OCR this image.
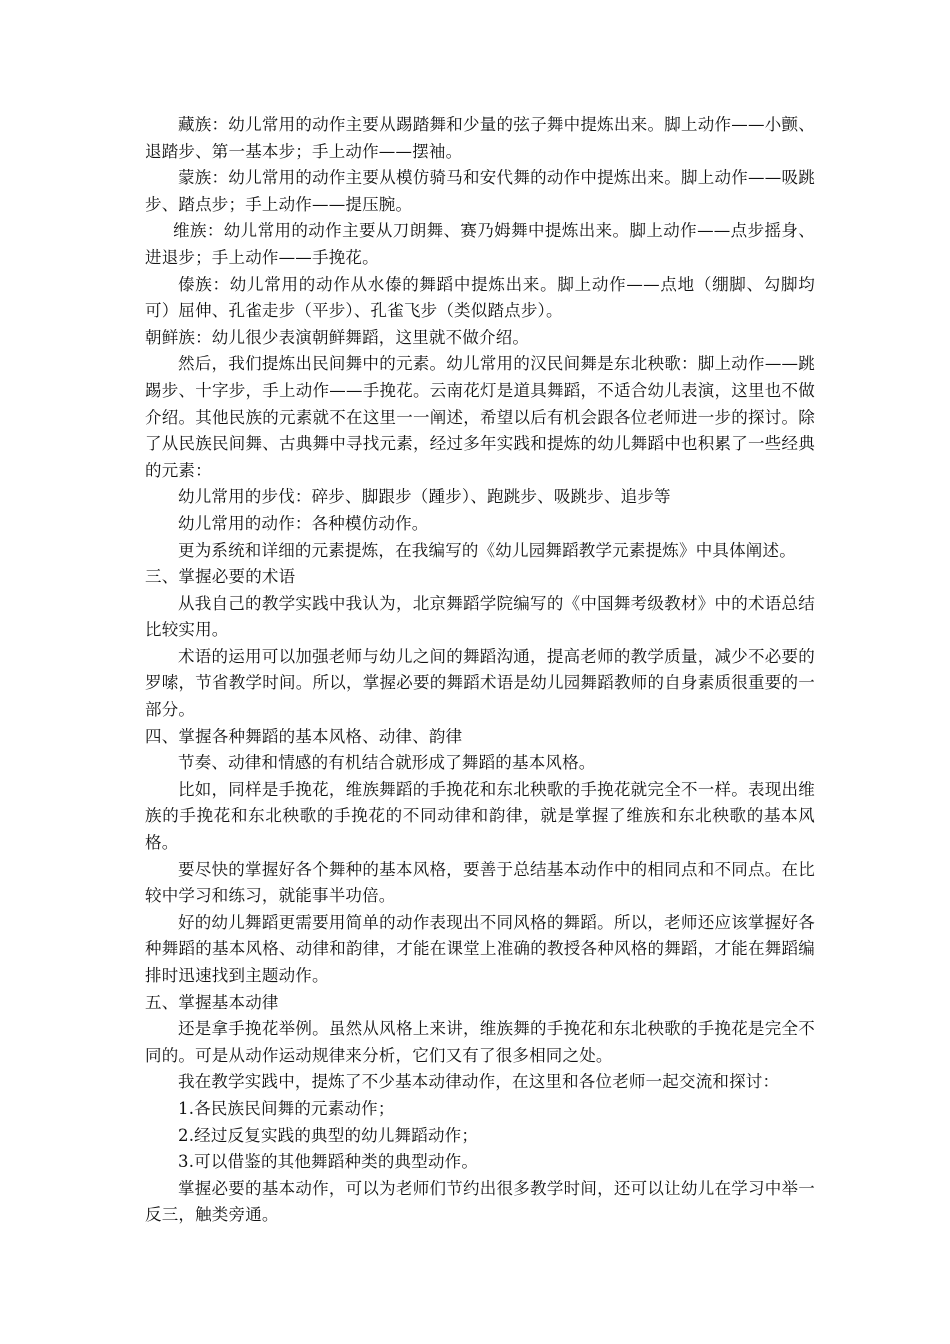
藏族：幼儿常用的动作主要从踢踏舞和少量的弦子舞中提炼出来。脚上动作——小颤、退踏步、第一基本步；手上动作——摆袖。

蒙族：幼儿常用的动作主要从模仿骑马和安代舞的动作中提炼出来。脚上动作——吸跳步、踏点步；手上动作——提压腕。

维族：幼儿常用的动作主要从刀朗舞、赛乃姆舞中提炼出来。脚上动作——点步摇身、进退步；手上动作——手挽花。

傣族：幼儿常用的动作从水傣的舞蹈中提炼出来。脚上动作——点地（绷脚、勾脚均可）屈伸、孔雀走步（平步）、孔雀飞步（类似踏点步）。

朝鲜族：幼儿很少表演朝鲜舞蹈，这里就不做介绍。

然后，我们提炼出民间舞中的元素。幼儿常用的汉民间舞是东北秧歌：脚上动作——跳踢步、十字步，手上动作——手挽花。云南花灯是道具舞蹈，不适合幼儿表演，这里也不做介绍。其他民族的元素就不在这里一一阐述，希望以后有机会跟各位老师进一步的探讨。除了从民族民间舞、古典舞中寻找元素，经过多年实践和提炼的幼儿舞蹈中也积累了一些经典的元素：

幼儿常用的步伐：碎步、脚跟步（踵步）、跑跳步、吸跳步、追步等

幼儿常用的动作：各种模仿动作。

更为系统和详细的元素提炼，在我编写的《幼儿园舞蹈教学元素提炼》中具体阐述。

三、掌握必要的术语

从我自己的教学实践中我认为，北京舞蹈学院编写的《中国舞考级教材》中的术语总结比较实用。

术语的运用可以加强老师与幼儿之间的舞蹈沟通，提高老师的教学质量，减少不必要的罗嗦，节省教学时间。所以，掌握必要的舞蹈术语是幼儿园舞蹈教师的自身素质很重要的一部分。

四、掌握各种舞蹈的基本风格、动律、韵律

节奏、动律和情感的有机结合就形成了舞蹈的基本风格。

比如，同样是手挽花，维族舞蹈的手挽花和东北秧歌的手挽花就完全不一样。表现出维族的手挽花和东北秧歌的手挽花的不同动律和韵律，就是掌握了维族和东北秧歌的基本风格。

要尽快的掌握好各个舞种的基本风格，要善于总结基本动作中的相同点和不同点。在比较中学习和练习，就能事半功倍。

好的幼儿舞蹈更需要用简单的动作表现出不同风格的舞蹈。所以，老师还应该掌握好各种舞蹈的基本风格、动律和韵律，才能在课堂上准确的教授各种风格的舞蹈，才能在舞蹈编排时迅速找到主题动作。

五、掌握基本动律

还是拿手挽花举例。虽然从风格上来讲，维族舞的手挽花和东北秧歌的手挽花是完全不同的。可是从动作运动规律来分析，它们又有了很多相同之处。

我在教学实践中，提炼了不少基本动律动作，在这里和各位老师一起交流和探讨：

1.各民族民间舞的元素动作；

2.经过反复实践的典型的幼儿舞蹈动作；

3.可以借鉴的其他舞蹈种类的典型动作。

掌握必要的基本动作，可以为老师们节约出很多教学时间，还可以让幼儿在学习中举一反三，触类旁通。
